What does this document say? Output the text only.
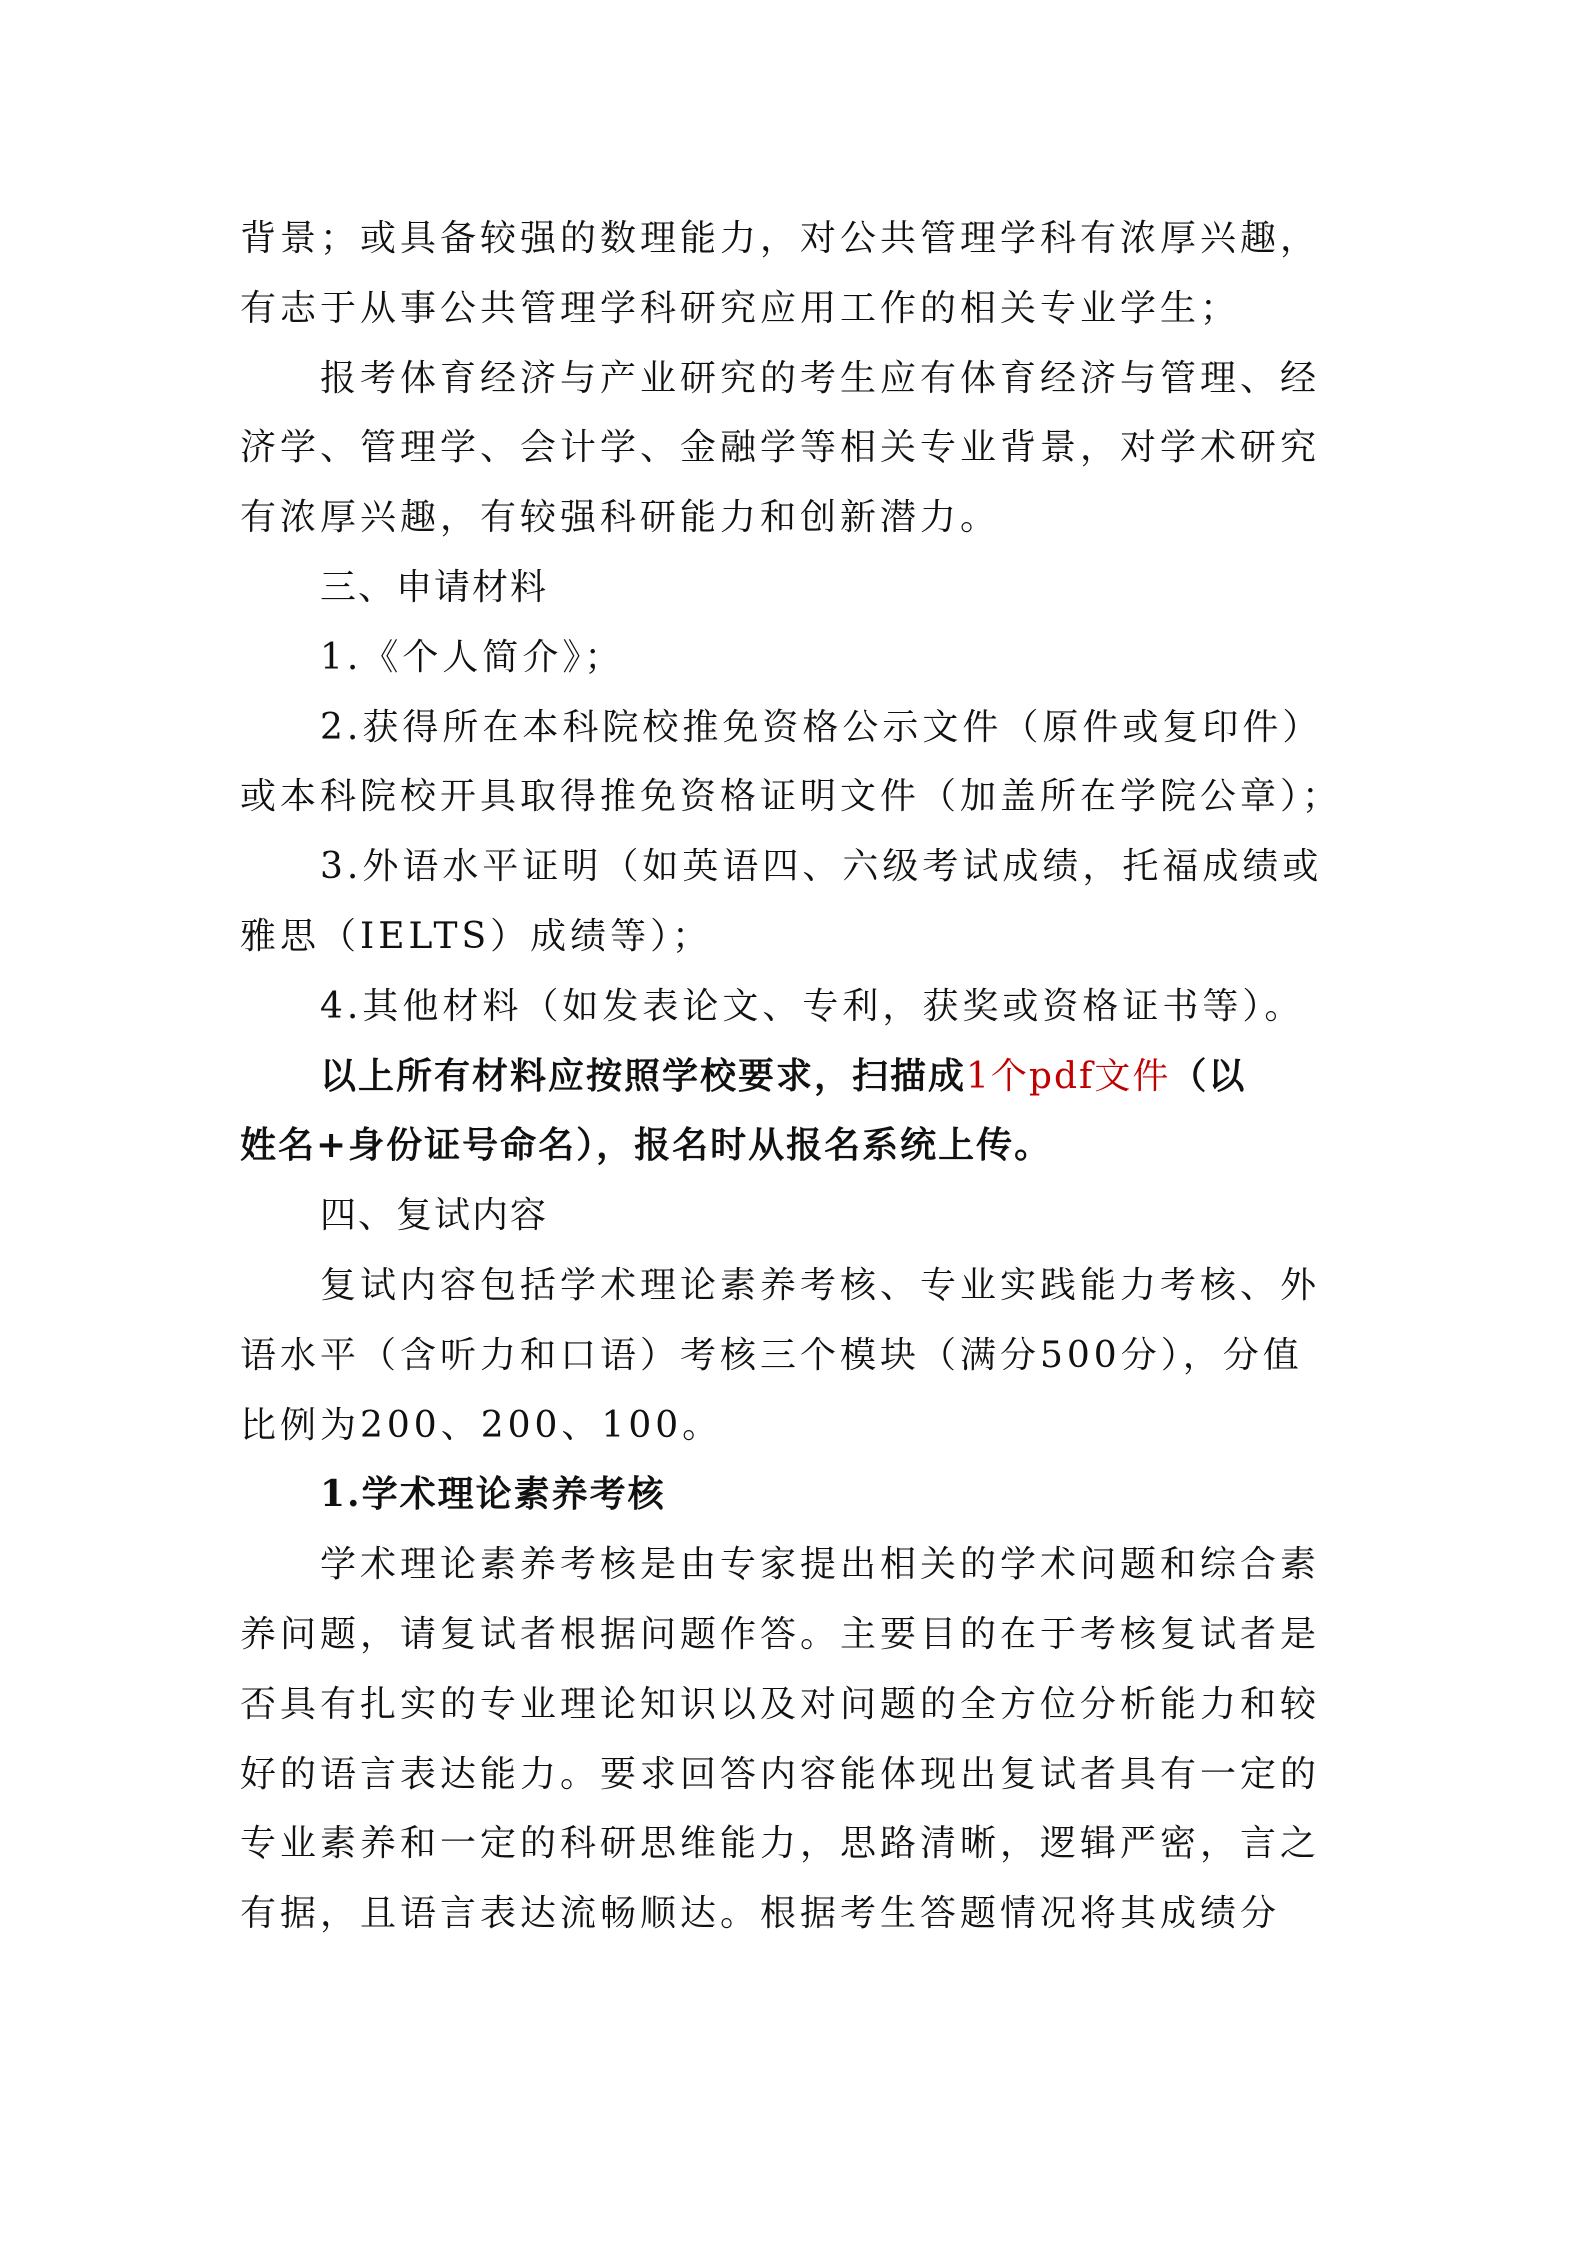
背景；或具备较强的数理能力，对公共管理学科有浓厚兴趣，
有志于从事公共管理学科研究应用工作的相关专业学生；
报考体育经济与产业研究的考生应有体育经济与管理、经
济学、管理学、会计学、金融学等相关专业背景，对学术研究
有浓厚兴趣，有较强科研能力和创新潜力。
三、申请材料
1.《个人简介》；
2.获得所在本科院校推免资格公示文件（原件或复印件）
或本科院校开具取得推免资格证明文件（加盖所在学院公章）；
3.外语水平证明（如英语四、六级考试成绩，托福成绩或
雅思（IELTS）成绩等）；
4.其他材料（如发表论文、专利，获奖或资格证书等）。
以上所有材料应按照学校要求，扫描成1个pdf文件（以
姓名+身份证号命名），报名时从报名系统上传。
四、复试内容
复试内容包括学术理论素养考核、专业实践能力考核、外
语水平（含听力和口语）考核三个模块（满分500分），分值
比例为200、200、100。
1.学术理论素养考核
学术理论素养考核是由专家提出相关的学术问题和综合素
养问题，请复试者根据问题作答。主要目的在于考核复试者是
否具有扎实的专业理论知识以及对问题的全方位分析能力和较
好的语言表达能力。要求回答内容能体现出复试者具有一定的
专业素养和一定的科研思维能力，思路清晰，逻辑严密，言之
有据，且语言表达流畅顺达。根据考生答题情况将其成绩分
